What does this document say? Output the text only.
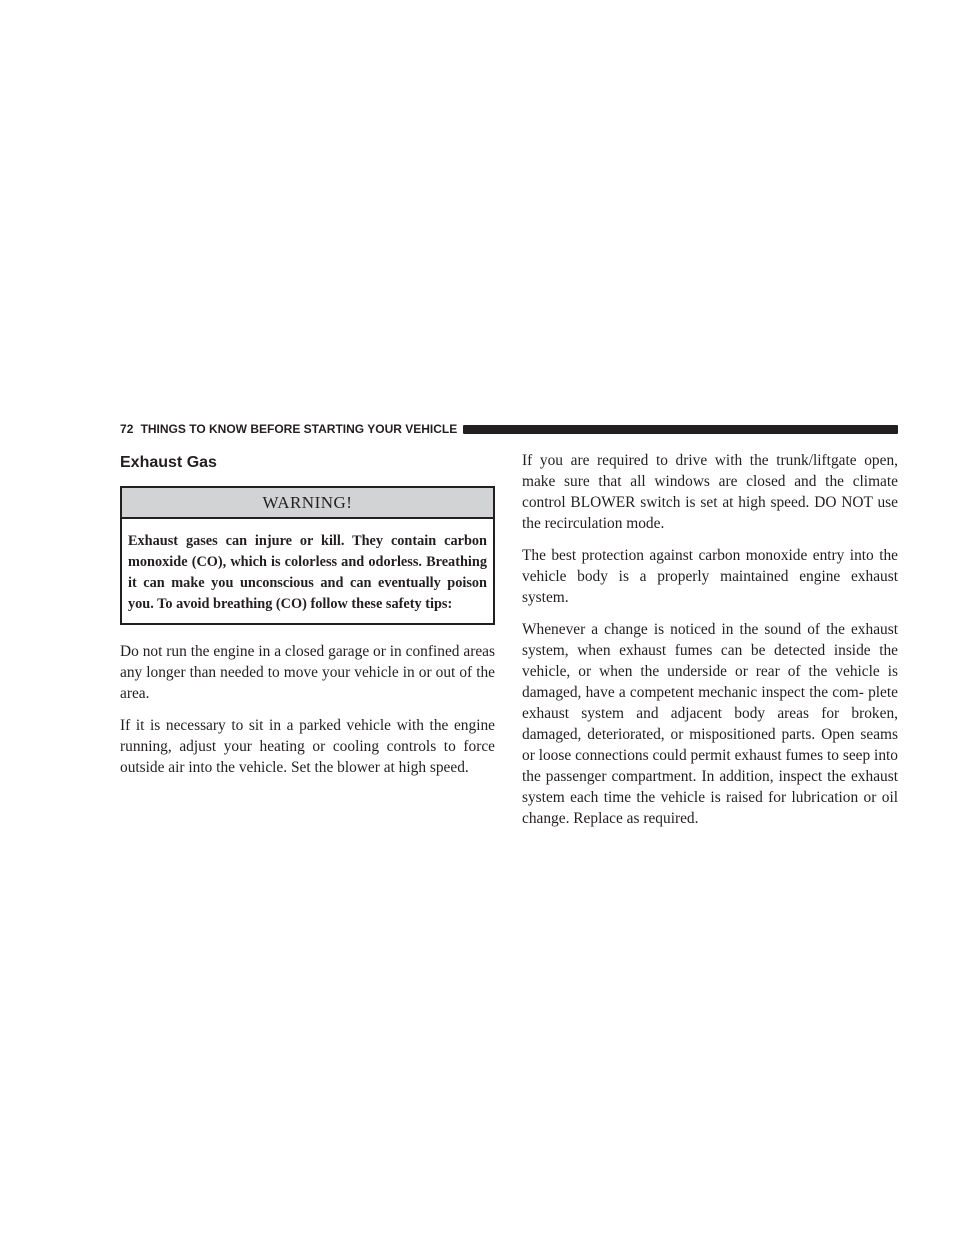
72 THINGS TO KNOW BEFORE STARTING YOUR VEHICLE
Exhaust Gas
WARNING!
Exhaust gases can injure or kill. They contain carbon monoxide (CO), which is colorless and odorless. Breathing it can make you unconscious and can eventually poison you. To avoid breathing (CO) follow these safety tips:

Do not run the engine in a closed garage or in confined areas any longer than needed to move your vehicle in or out of the area.

If it is necessary to sit in a parked vehicle with the engine running, adjust your heating or cooling controls to force outside air into the vehicle. Set the blower at high speed.

If you are required to drive with the trunk/liftgate open, make sure that all windows are closed and the climate control BLOWER switch is set at high speed. DO NOT use the recirculation mode.

The best protection against carbon monoxide entry into the vehicle body is a properly maintained engine exhaust system.

Whenever a change is noticed in the sound of the exhaust system, when exhaust fumes can be detected inside the vehicle, or when the underside or rear of the vehicle is damaged, have a competent mechanic inspect the com- plete exhaust system and adjacent body areas for broken, damaged, deteriorated, or mispositioned parts. Open seams or loose connections could permit exhaust fumes to seep into the passenger compartment. In addition, inspect the exhaust system each time the vehicle is raised for lubrication or oil change. Replace as required.
